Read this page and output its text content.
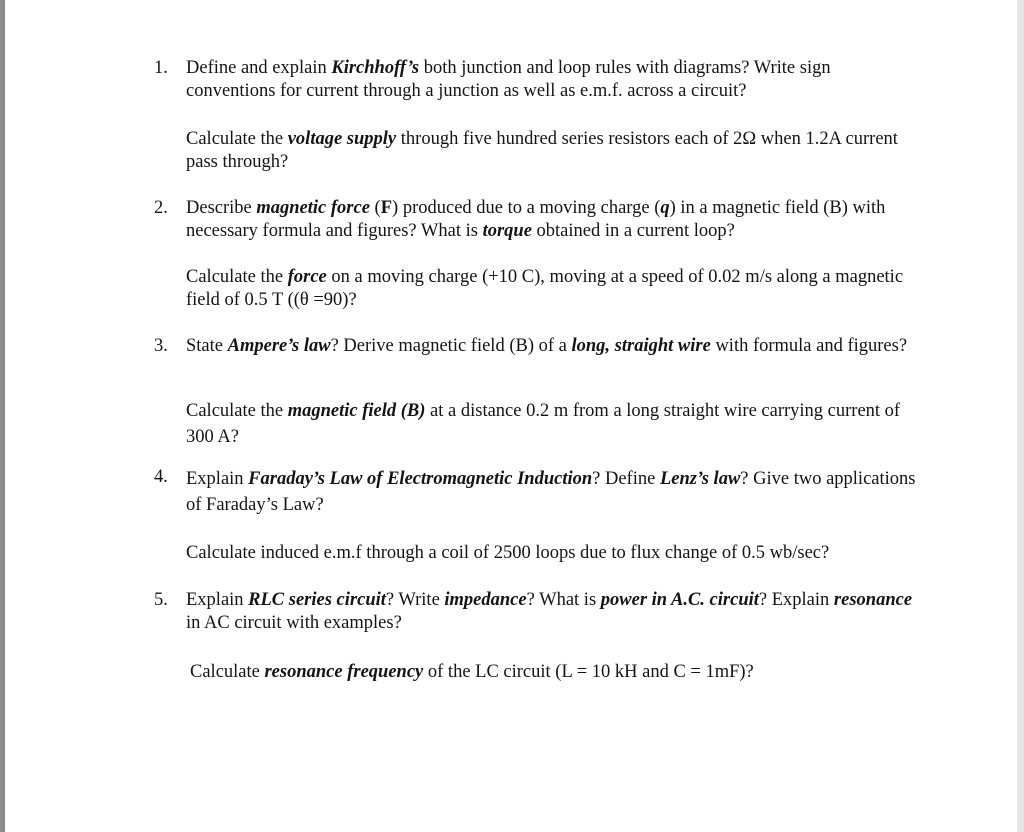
1. Define and explain Kirchhoff’s both junction and loop rules with diagrams? Write sign conventions for current through a junction as well as e.m.f. across a circuit?

Calculate the voltage supply through five hundred series resistors each of 2Ω when 1.2A current pass through?

2. Describe magnetic force (F) produced due to a moving charge (q) in a magnetic field (B) with necessary formula and figures? What is torque obtained in a current loop?

Calculate the force on a moving charge (+10 C), moving at a speed of 0.02 m/s along a magnetic field of 0.5 T ((θ =90)?

3. State Ampere’s law? Derive magnetic field (B) of a long, straight wire with formula and figures?

Calculate the magnetic field (B) at a distance 0.2 m from a long straight wire carrying current of 300 A?

4. Explain Faraday’s Law of Electromagnetic Induction? Define Lenz’s law? Give two applications of Faraday’s Law?

Calculate induced e.m.f through a coil of 2500 loops due to flux change of 0.5 wb/sec?

5. Explain RLC series circuit? Write impedance? What is power in A.C. circuit? Explain resonance in AC circuit with examples?

Calculate resonance frequency of the LC circuit (L = 10 kH and C = 1mF)?
